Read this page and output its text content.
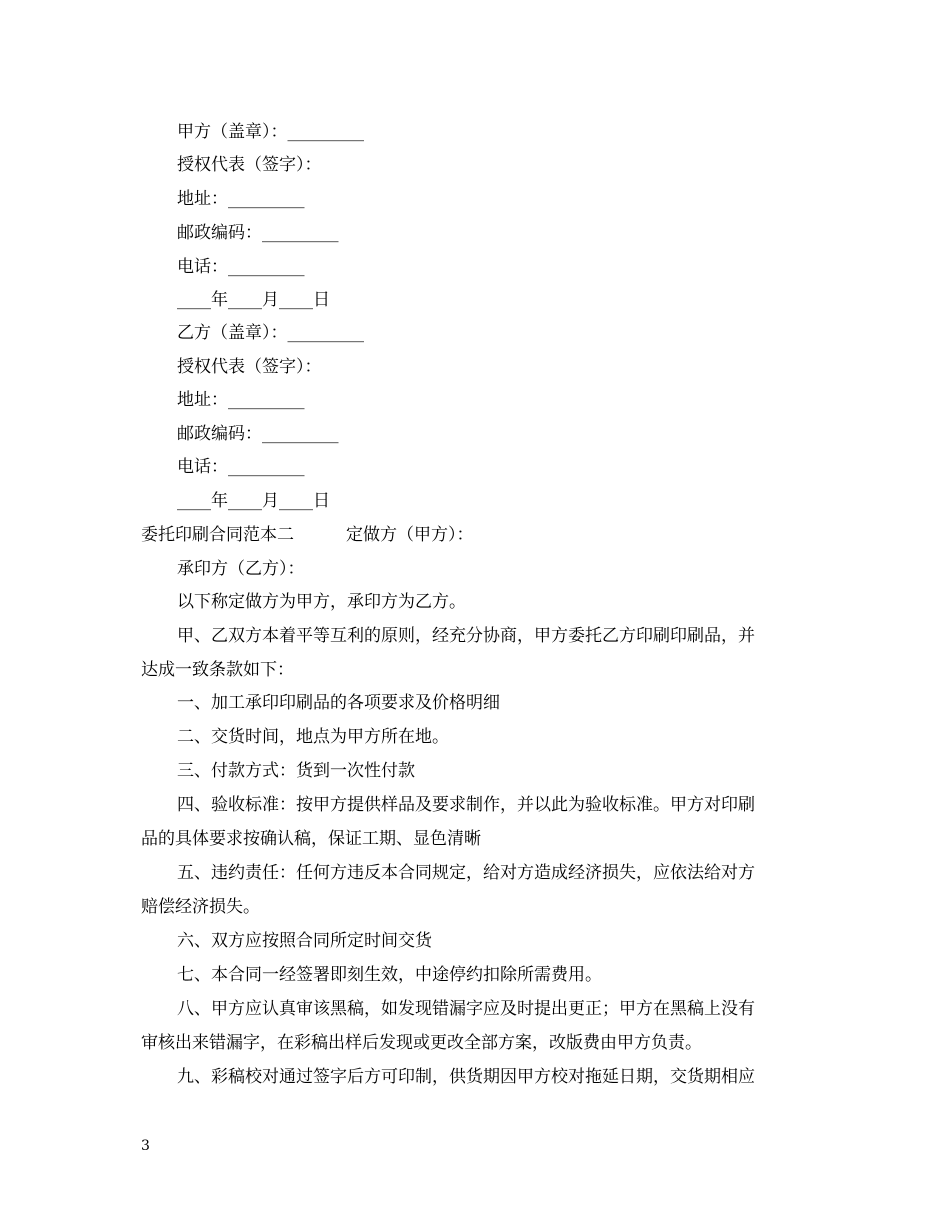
甲方（盖章）：_________
授权代表（签字）：
地址：_________
邮政编码：_________
电话：_________
____年____月____日
乙方（盖章）：_________
授权代表（签字）：
地址：_________
邮政编码：_________
电话：_________
____年____月____日
委托印刷合同范本二	定做方（甲方）：
承印方（乙方）：
以下称定做方为甲方，承印方为乙方。
甲、乙双方本着平等互利的原则，经充分协商，甲方委托乙方印刷印刷品，并
达成一致条款如下：
一、加工承印印刷品的各项要求及价格明细
二、交货时间，地点为甲方所在地。
三、付款方式：货到一次性付款
四、验收标准：按甲方提供样品及要求制作，并以此为验收标准。甲方对印刷
品的具体要求按确认稿，保证工期、显色清晰
五、违约责任：任何方违反本合同规定，给对方造成经济损失，应依法给对方
赔偿经济损失。
六、双方应按照合同所定时间交货
七、本合同一经签署即刻生效，中途停约扣除所需费用。
八、甲方应认真审该黑稿，如发现错漏字应及时提出更正；甲方在黑稿上没有
审核出来错漏字，在彩稿出样后发现或更改全部方案，改版费由甲方负责。
九、彩稿校对通过签字后方可印制，供货期因甲方校对拖延日期，交货期相应
3
